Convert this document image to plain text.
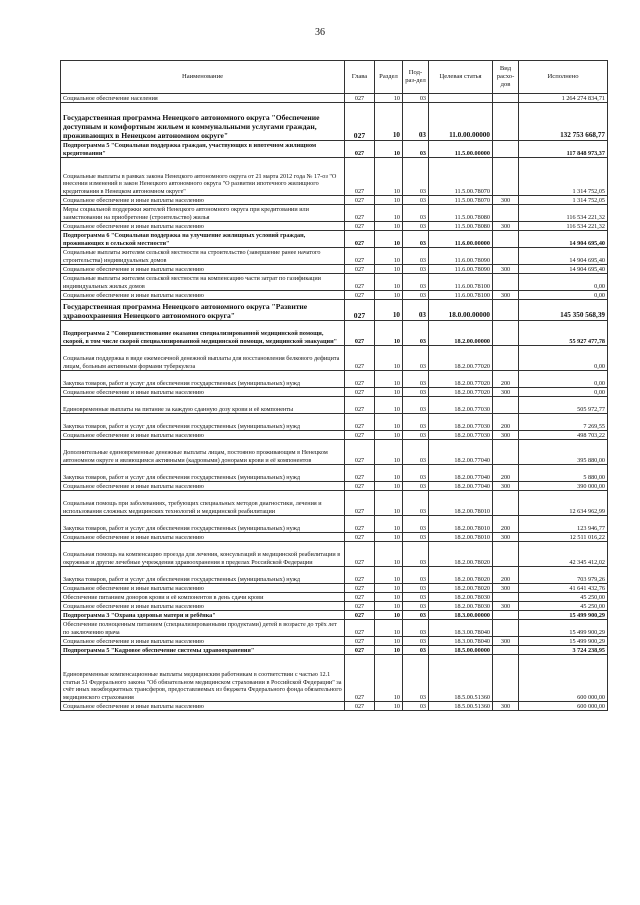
36
Наименование	Глава	Раздел	Под-раз-дел	Целевая статья	Вид расхо-дов	Исполнено
Социальное обеспечение населения	027	10	03			1 264 274 834,71
Государственная программа Ненецкого автономного округа "Обеспечение доступным и комфортным жильем и коммунальными услугами граждан, проживающих в Ненецком автономном округе"	027	10	03	11.0.00.00000		132 753 668,77
Подпрограмма 5 "Социальная поддержка граждан, участвующих в ипотечном жилищном кредитовании"	027	10	03	11.5.00.00000		117 848 973,37
Социальные выплаты в рамках закона Ненецкого автономного округа от 21 марта 2012 года № 17-оз "О внесении изменений в закон Ненецкого автономного округа "О развитии ипотечного жилищного кредитования в Ненецком автономном округе"	027	10	03	11.5.00.78070		1 314 752,05
Социальное обеспечение и иные выплаты населению	027	10	03	11.5.00.78070	300	1 314 752,05
Меры социальной поддержки жителей Ненецкого автономного округа при кредитовании или заимствовании на приобретение (строительство) жилья	027	10	03	11.5.00.78080		116 534 221,32
Социальное обеспечение и иные выплаты населению	027	10	03	11.5.00.78080	300	116 534 221,32
Подпрограмма 6 "Социальная поддержка на улучшение жилищных условий граждан, проживающих в сельской местности"	027	10	03	11.6.00.00000		14 904 695,40
Социальные выплаты жителям сельской местности на строительство (завершение ранее начатого строительства) индивидуальных домов	027	10	03	11.6.00.78090		14 904 695,40
Социальное обеспечение и иные выплаты населению	027	10	03	11.6.00.78090	300	14 904 695,40
Социальные выплаты жителям сельской местности на компенсацию части затрат по газификации индивидуальных жилых домов	027	10	03	11.6.00.78100		0,00
Социальное обеспечение и иные выплаты населению	027	10	03	11.6.00.78100	300	0,00
Государственная программа Ненецкого автономного округа "Развитие здравоохранения Ненецкого автономного округа"	027	10	03	18.0.00.00000		145 350 568,39
Подпрограмма 2 "Совершенствование оказания специализированной медицинской помощи, скорой, в том числе скорой специализированной медицинской помощи, медицинской эвакуации"	027	10	03	18.2.00.00000		55 927 477,78
Социальная поддержка в виде ежемесячной денежной выплаты для восстановления белкового дефицита лицам, больным активными формами туберкулеза	027	10	03	18.2.00.77020		0,00
Закупка товаров, работ и услуг для обеспечения государственных (муниципальных) нужд	027	10	03	18.2.00.77020	200	0,00
Социальное обеспечение и иные выплаты населению	027	10	03	18.2.00.77020	300	0,00
Единовременные выплаты на питание за каждую сданную дозу крови и её компоненты	027	10	03	18.2.00.77030		505 972,77
Закупка товаров, работ и услуг для обеспечения государственных (муниципальных) нужд	027	10	03	18.2.00.77030	200	7 269,55
Социальное обеспечение и иные выплаты населению	027	10	03	18.2.00.77030	300	498 703,22
Дополнительные единовременные денежные выплаты лицам, постоянно проживающим в Ненецком автономном округе и являющимся активными (кадровыми) донорами крови и её компонентов	027	10	03	18.2.00.77040		395 880,00
Закупка товаров, работ и услуг для обеспечения государственных (муниципальных) нужд	027	10	03	18.2.00.77040	200	5 880,00
Социальное обеспечение и иные выплаты населению	027	10	03	18.2.00.77040	300	390 000,00
Социальная помощь при заболеваниях, требующих специальных методов диагностики, лечения и использования сложных медицинских технологий и медицинской реабилитации	027	10	03	18.2.00.78010		12 634 962,99
Закупка товаров, работ и услуг для обеспечения государственных (муниципальных) нужд	027	10	03	18.2.00.78010	200	123 946,77
Социальное обеспечение и иные выплаты населению	027	10	03	18.2.00.78010	300	12 511 016,22
Социальная помощь на компенсацию проезда для лечения, консультаций и медицинской реабилитации в окружные и другие лечебные учреждения здравоохранения в пределах Российской Федерации	027	10	03	18.2.00.78020		42 345 412,02
Закупка товаров, работ и услуг для обеспечения государственных (муниципальных) нужд	027	10	03	18.2.00.78020	200	703 979,26
Социальное обеспечение и иные выплаты населению	027	10	03	18.2.00.78020	300	41 641 432,76
Обеспечение питанием доноров крови и её компонентов в день сдачи крови	027	10	03	18.2.00.78030		45 250,00
Социальное обеспечение и иные выплаты населению	027	10	03	18.2.00.78030	300	45 250,00
Подпрограмма 3 "Охрана здоровья матери и ребёнка"	027	10	03	18.3.00.00000		15 499 900,29
Обеспечение полноценным питанием (специализированными продуктами) детей в возрасте до трёх лет по заключению врача	027	10	03	18.3.00.78040		15 499 900,29
Социальное обеспечение и иные выплаты населению	027	10	03	18.3.00.78040	300	15 499 900,29
Подпрограмма 5 "Кадровое обеспечение системы здравоохранения"	027	10	03	18.5.00.00000		3 724 238,95
Единовременные компенсационные выплаты медицинским работникам в соответствии с частью 12.1 статьи 51 Федерального закона "Об обязательном медицинском страховании в Российской Федерации" за счёт иных межбюджетных трансферов, предоставляемых из бюджета Федерального фонда обязательного медицинского страхования	027	10	03	18.5.00.51360		600 000,00
Социальное обеспечение и иные выплаты населению	027	10	03	18.5.00.51360	300	600 000,00
